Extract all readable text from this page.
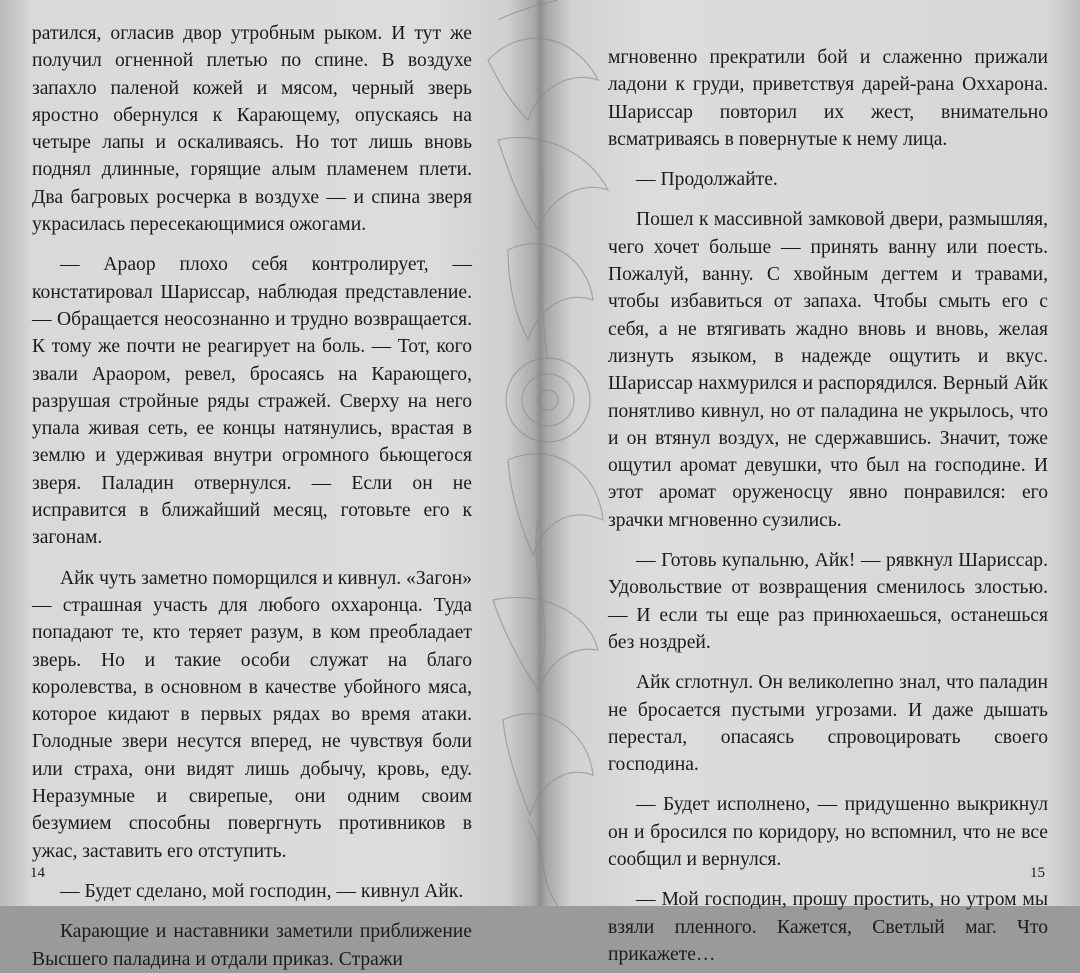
ратился, огласив двор утробным рыком. И тут же получил огненной плетью по спине. В воздухе запахло паленой кожей и мясом, черный зверь яростно обернулся к Карающему, опускаясь на четыре лапы и оскаливаясь. Но тот лишь вновь поднял длинные, горящие алым пламенем плети. Два багровых росчерка в воздухе — и спина зверя украсилась пересекающимися ожогами.

— Араор плохо себя контролирует, — констатировал Шариссар, наблюдая представление. — Обращается неосознанно и трудно возвращается. К тому же почти не реагирует на боль. — Тот, кого звали Араором, ревел, бросаясь на Карающего, разрушая стройные ряды стражей. Сверху на него упала живая сеть, ее концы натянулись, врастая в землю и удерживая внутри огромного бьющегося зверя. Паладин отвернулся. — Если он не исправится в ближайший месяц, готовьте его к загонам.

Айк чуть заметно поморщился и кивнул. «Загон» — страшная участь для любого оххаронца. Туда попадают те, кто теряет разум, в ком преобладает зверь. Но и такие особи служат на благо королевства, в основном в качестве убойного мяса, которое кидают в первых рядах во время атаки. Голодные звери несутся вперед, не чувствуя боли или страха, они видят лишь добычу, кровь, еду. Неразумные и свирепые, они одним своим безумием способны повергнуть противников в ужас, заставить его отступить.

— Будет сделано, мой господин, — кивнул Айк.

Карающие и наставники заметили приближение Высшего паладина и отдали приказ. Стражи

14

мгновенно прекратили бой и слаженно прижали ладони к груди, приветствуя дарей-рана Оххарона. Шариссар повторил их жест, внимательно всматриваясь в повернутые к нему лица.

— Продолжайте.

Пошел к массивной замковой двери, размышляя, чего хочет больше — принять ванну или поесть. Пожалуй, ванну. С хвойным дегтем и травами, чтобы избавиться от запаха. Чтобы смыть его с себя, а не втягивать жадно вновь и вновь, желая лизнуть языком, в надежде ощутить и вкус. Шариссар нахмурился и распорядился. Верный Айк понятливо кивнул, но от паладина не укрылось, что и он втянул воздух, не сдержавшись. Значит, тоже ощутил аромат девушки, что был на господине. И этот аромат оруженосцу явно понравился: его зрачки мгновенно сузились.

— Готовь купальню, Айк! — рявкнул Шариссар. Удовольствие от возвращения сменилось злостью. — И если ты еще раз принюхаешься, останешься без ноздрей.

Айк сглотнул. Он великолепно знал, что паладин не бросается пустыми угрозами. И даже дышать перестал, опасаясь спровоцировать своего господина.

— Будет исполнено, — придушенно выкрикнул он и бросился по коридору, но вспомнил, что не все сообщил и вернулся.

— Мой господин, прошу простить, но утром мы взяли пленного. Кажется, Светлый маг. Что прикажете…

15
